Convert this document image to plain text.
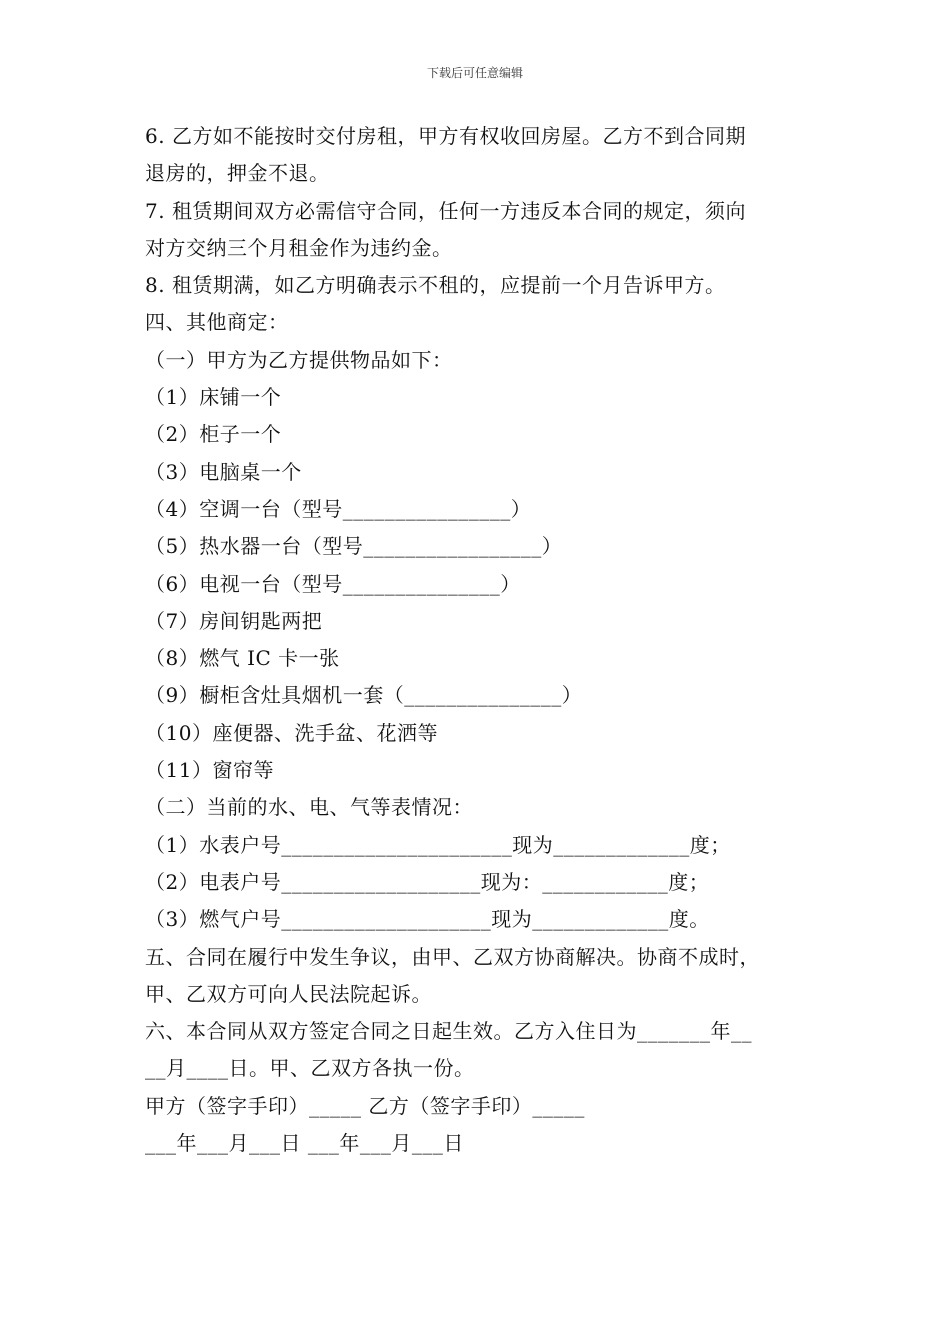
下载后可任意编辑
6. 乙方如不能按时交付房租，甲方有权收回房屋。乙方不到合同期
退房的，押金不退。
7. 租赁期间双方必需信守合同，任何一方违反本合同的规定，须向
对方交纳三个月租金作为违约金。
8. 租赁期满，如乙方明确表示不租的，应提前一个月告诉甲方。
四、其他商定：
（一）甲方为乙方提供物品如下：
（1）床铺一个
（2）柜子一个
（3）电脑桌一个
（4）空调一台（型号________________）
（5）热水器一台（型号_________________）
（6）电视一台（型号_______________）
（7）房间钥匙两把
（8）燃气 IC 卡一张
（9）橱柜含灶具烟机一套（_______________）
（10）座便器、洗手盆、花洒等
（11）窗帘等
（二）当前的水、电、气等表情况：
（1）水表户号______________________现为_____________度；
（2）电表户号___________________现为：____________度；
（3）燃气户号____________________现为_____________度。
五、合同在履行中发生争议，由甲、乙双方协商解决。协商不成时，
甲、乙双方可向人民法院起诉。
六、本合同从双方签定合同之日起生效。乙方入住日为_______年__
__月____日。甲、乙双方各执一份。
甲方（签字手印）_____ 乙方（签字手印）_____
___年___月___日 ___年___月___日
